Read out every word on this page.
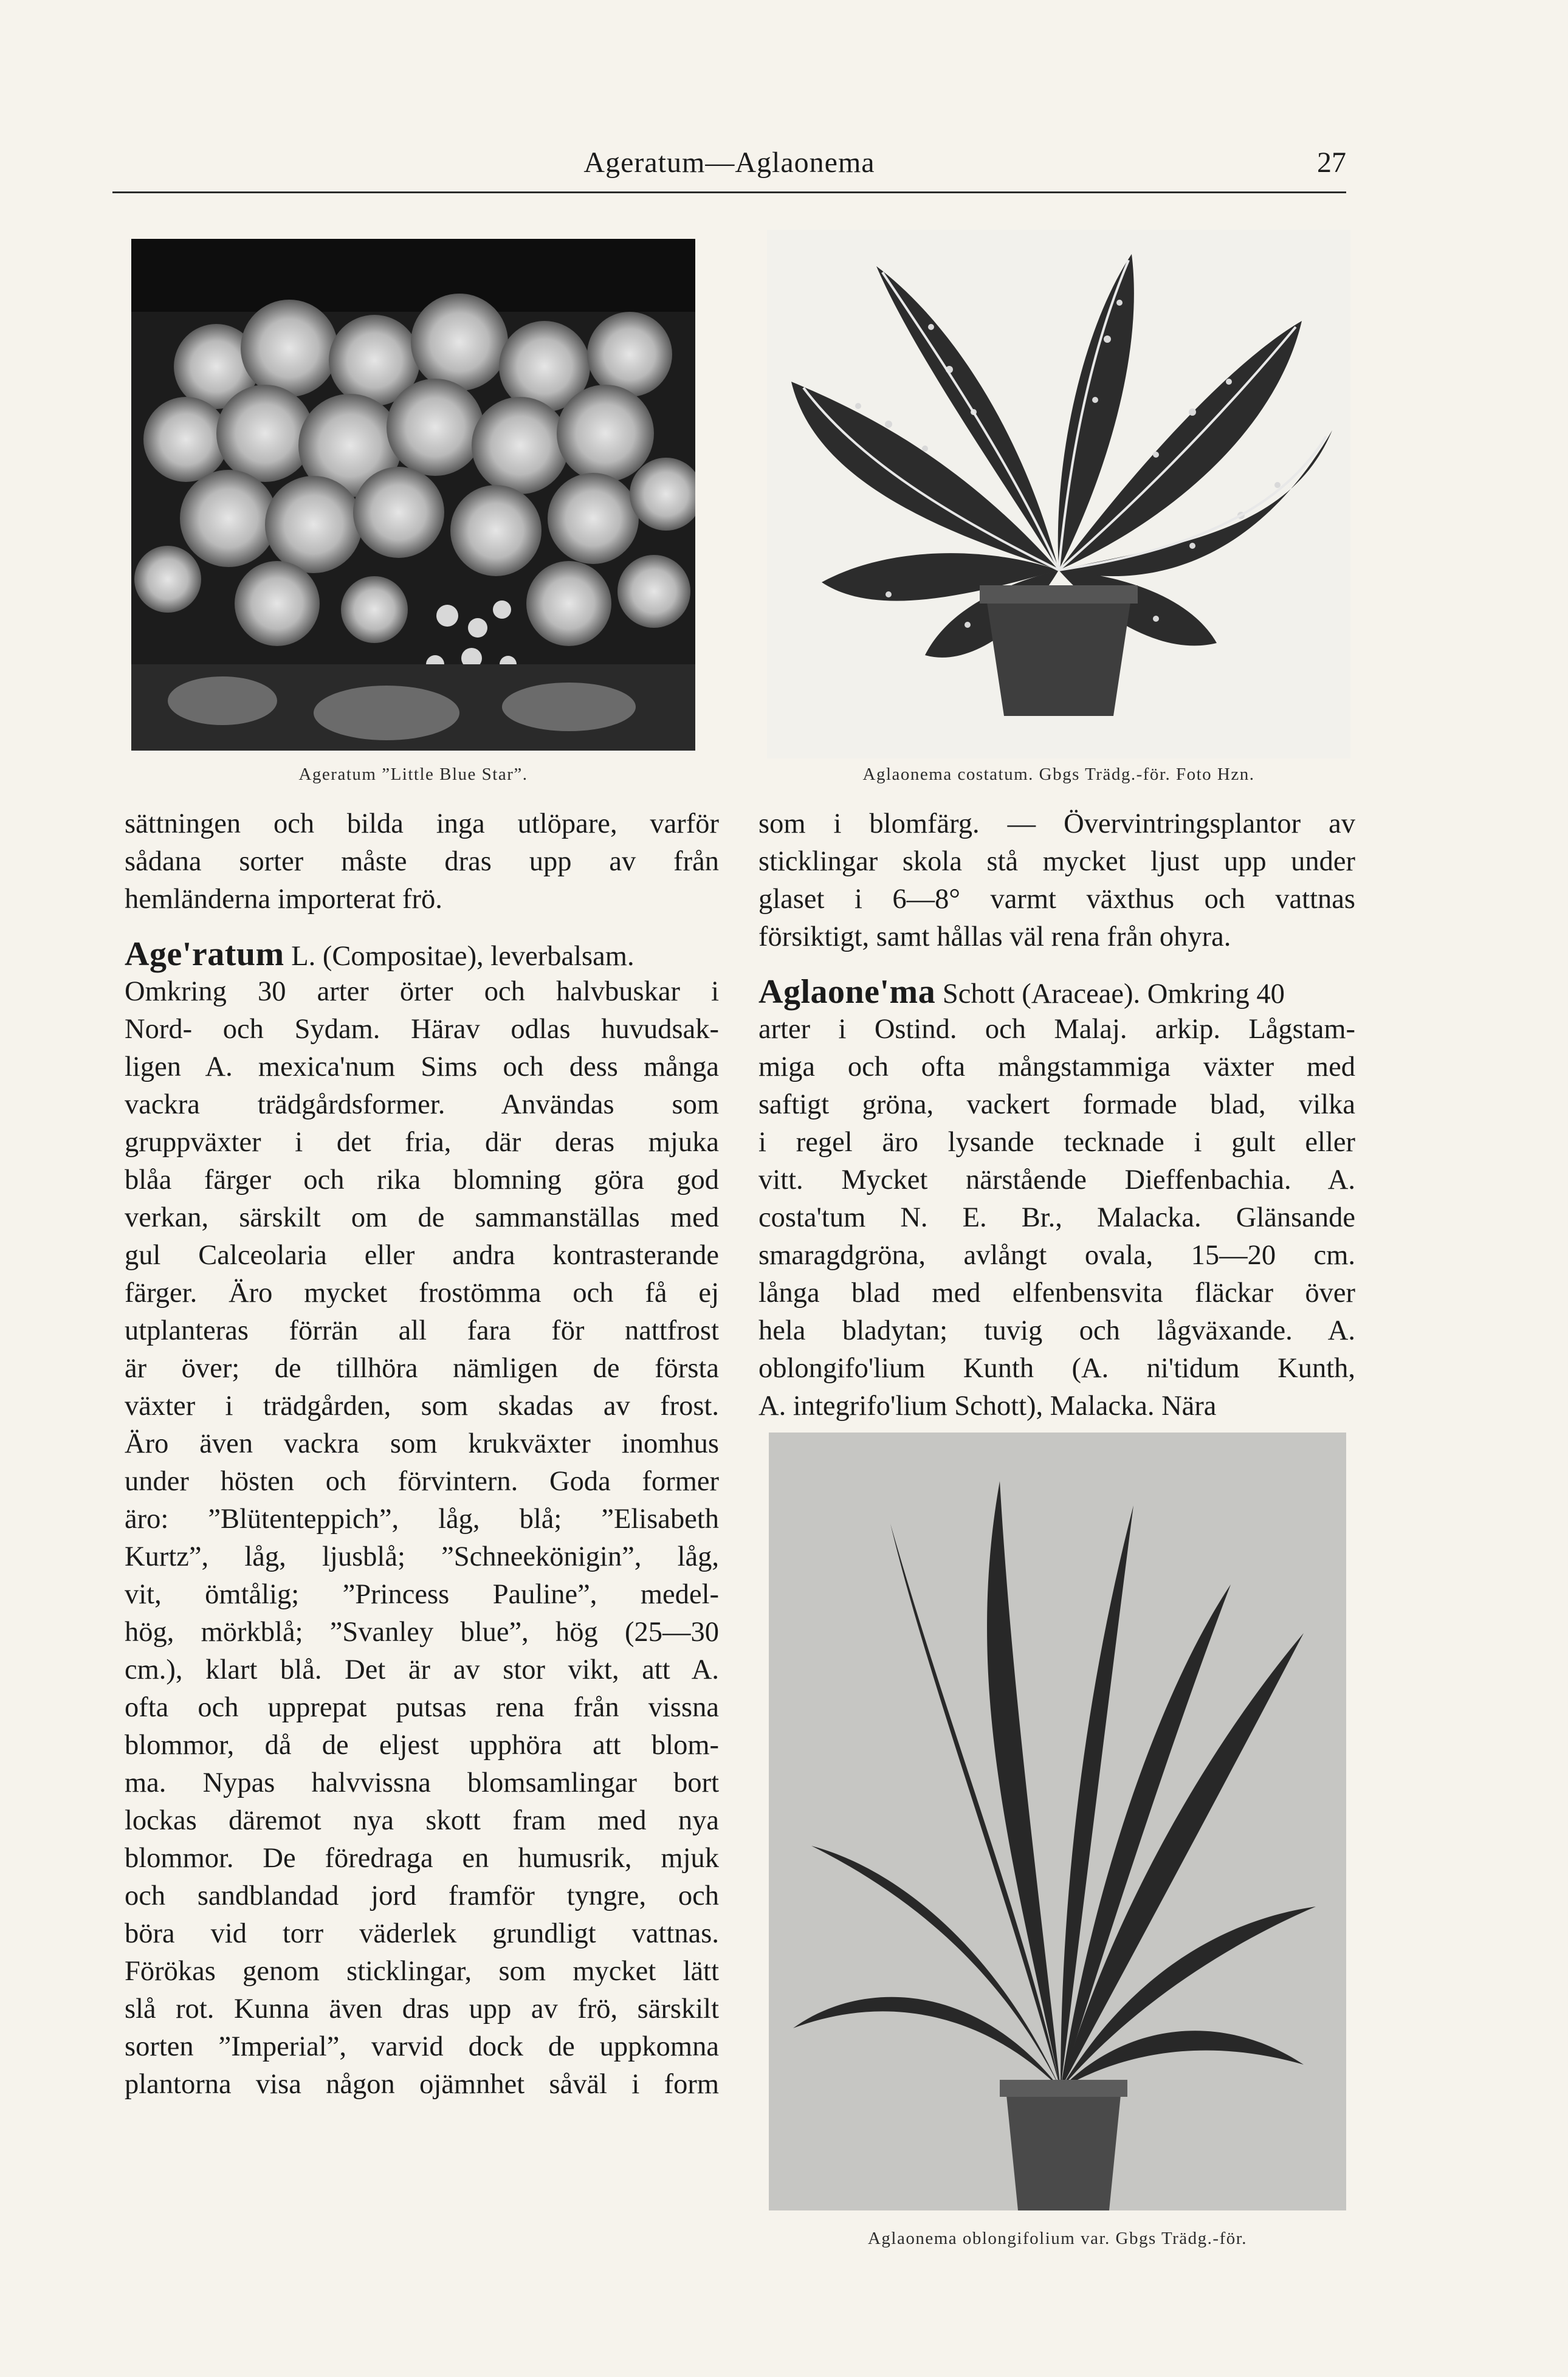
Ageratum—Aglaonema	27
Ageratum ”Little Blue Star”.	Aglaonema costatum. Gbgs Trädg.-för. Foto Hzn.
Aglaonema oblongifolium var. Gbgs Trädg.-för.
sättningen och bilda inga utlöpare, varför
sådana sorter måste dras upp av från
hemländerna importerat frö.
Age'ratum L. (Compositae), leverbalsam.
Omkring 30 arter örter och halvbuskar i
Nord- och Sydam. Härav odlas huvudsak-
ligen A. mexica'num Sims och dess många
vackra trädgårdsformer. Användas som
gruppväxter i det fria, där deras mjuka
blåa färger och rika blomning göra god
verkan, särskilt om de sammanställas med
gul Calceolaria eller andra kontrasterande
färger. Äro mycket frostömma och få ej
utplanteras förrän all fara för nattfrost
är över; de tillhöra nämligen de första
växter i trädgården, som skadas av frost.
Äro även vackra som krukväxter inomhus
under hösten och förvintern. Goda former
äro: ”Blütenteppich”, låg, blå; ”Elisabeth
Kurtz”, låg, ljusblå; ”Schneekönigin”, låg,
vit, ömtålig; ”Princess Pauline”, medel-
hög, mörkblå; ”Svanley blue”, hög (25—30
cm.), klart blå. Det är av stor vikt, att A.
ofta och upprepat putsas rena från vissna
blommor, då de eljest upphöra att blom-
ma. Nypas halvvissna blomsamlingar bort
lockas däremot nya skott fram med nya
blommor. De föredraga en humusrik, mjuk
och sandblandad jord framför tyngre, och
böra vid torr väderlek grundligt vattnas.
Förökas genom sticklingar, som mycket lätt
slå rot. Kunna även dras upp av frö, särskilt
sorten ”Imperial”, varvid dock de uppkomna
plantorna visa någon ojämnhet såväl i form
som i blomfärg. — Övervintringsplantor av
sticklingar skola stå mycket ljust upp under
glaset i 6—8° varmt växthus och vattnas
försiktigt, samt hållas väl rena från ohyra.
Aglaone'ma Schott (Araceae). Omkring 40
arter i Ostind. och Malaj. arkip. Lågstam-
miga och ofta mångstammiga växter med
saftigt gröna, vackert formade blad, vilka
i regel äro lysande tecknade i gult eller
vitt. Mycket närstående Dieffenbachia. A.
costa'tum N. E. Br., Malacka. Glänsande
smaragdgröna, avlångt ovala, 15—20 cm.
långa blad med elfenbensvita fläckar över
hela bladytan; tuvig och lågväxande. A.
oblongifo'lium Kunth (A. ni'tidum Kunth,
A. integrifo'lium Schott), Malacka. Nära
